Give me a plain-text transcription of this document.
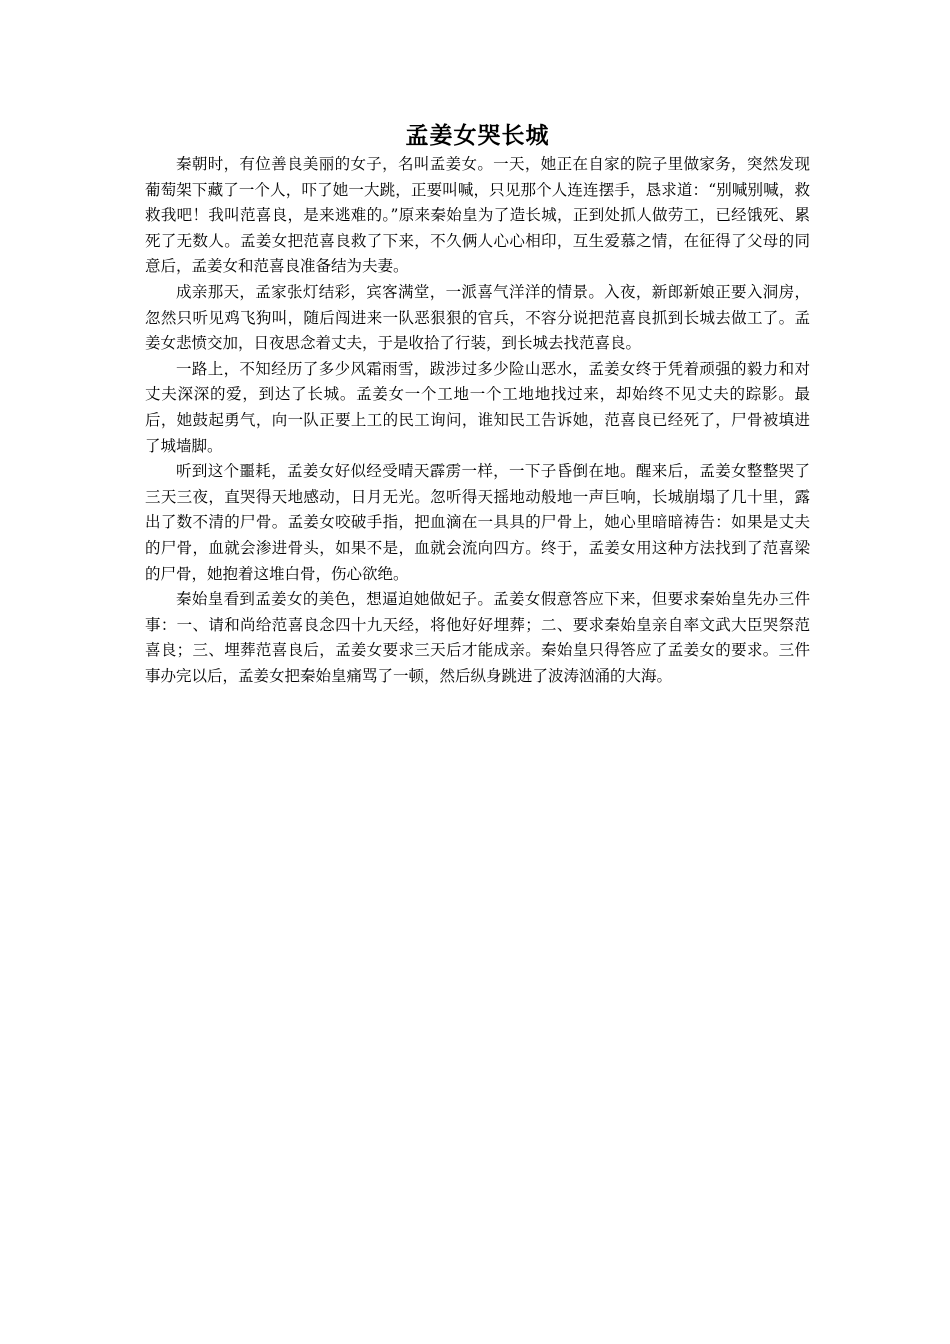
孟姜女哭长城

秦朝时，有位善良美丽的女子，名叫孟姜女。一天，她正在自家的院子里做家务，突然发现葡萄架下藏了一个人，吓了她一大跳，正要叫喊，只见那个人连连摆手，恳求道：“别喊别喊，救救我吧！我叫范喜良，是来逃难的。”原来秦始皇为了造长城，正到处抓人做劳工，已经饿死、累死了无数人。孟姜女把范喜良救了下来，不久俩人心心相印，互生爱慕之情，在征得了父母的同意后，孟姜女和范喜良准备结为夫妻。

成亲那天，孟家张灯结彩，宾客满堂，一派喜气洋洋的情景。入夜，新郎新娘正要入洞房，忽然只听见鸡飞狗叫，随后闯进来一队恶狠狠的官兵，不容分说把范喜良抓到长城去做工了。孟姜女悲愤交加，日夜思念着丈夫，于是收拾了行装，到长城去找范喜良。

一路上，不知经历了多少风霜雨雪，跋涉过多少险山恶水，孟姜女终于凭着顽强的毅力和对丈夫深深的爱，到达了长城。孟姜女一个工地一个工地地找过来，却始终不见丈夫的踪影。最后，她鼓起勇气，向一队正要上工的民工询问，谁知民工告诉她，范喜良已经死了，尸骨被填进了城墙脚。

听到这个噩耗，孟姜女好似经受晴天霹雳一样，一下子昏倒在地。醒来后，孟姜女整整哭了三天三夜，直哭得天地感动，日月无光。忽听得天摇地动般地一声巨响，长城崩塌了几十里，露出了数不清的尸骨。孟姜女咬破手指，把血滴在一具具的尸骨上，她心里暗暗祷告：如果是丈夫的尸骨，血就会渗进骨头，如果不是，血就会流向四方。终于，孟姜女用这种方法找到了范喜梁的尸骨，她抱着这堆白骨，伤心欲绝。

秦始皇看到孟姜女的美色，想逼迫她做妃子。孟姜女假意答应下来，但要求秦始皇先办三件事：一、请和尚给范喜良念四十九天经，将他好好埋葬；二、要求秦始皇亲自率文武大臣哭祭范喜良；三、埋葬范喜良后，孟姜女要求三天后才能成亲。秦始皇只得答应了孟姜女的要求。三件事办完以后，孟姜女把秦始皇痛骂了一顿，然后纵身跳进了波涛汹涌的大海。
